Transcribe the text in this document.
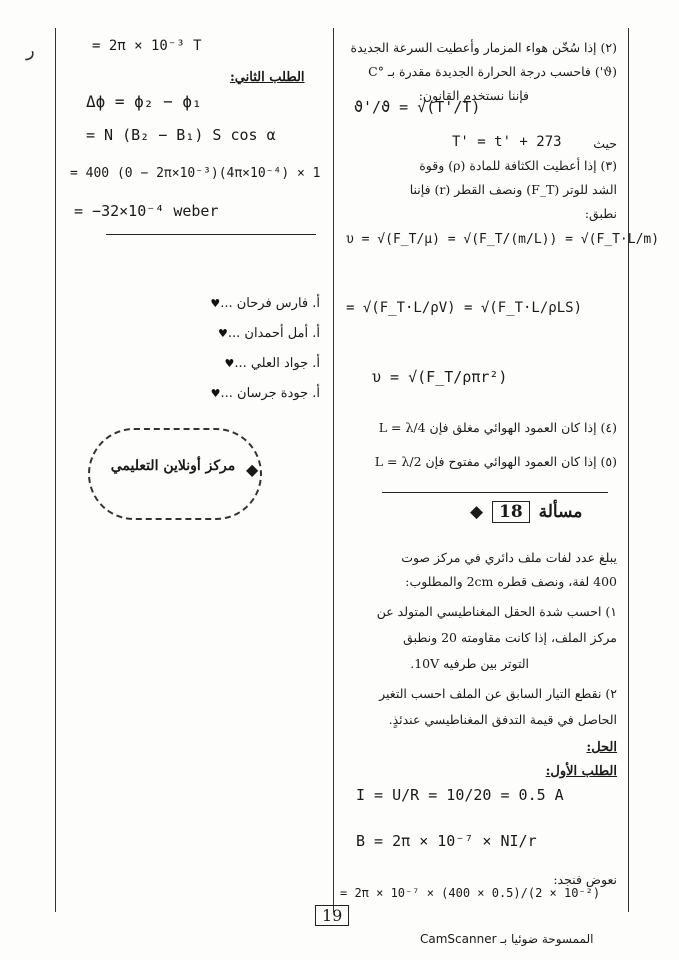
ر	= 2π × 10⁻³ T
الطلب الثاني:
Δϕ = ϕ₂ − ϕ₁
= N (B₂ − B₁) S cos α
= 400 (0 − 2π×10⁻³)(4π×10⁻⁴) × 1
= −32×10⁻⁴ weber
أ. فارس فرحان ...♥
أ. أمل أحمدان ...♥
أ. جواد العلي ...♥
أ. جودة جرسان ...♥
مركز أونلاين التعليمي ◆
(٢) إذا سُخّن هواء المزمار وأعطيت السرعة الجديدة
(ϑ') فاحسب درجة الحرارة الجديدة مقدرة بـ °C
فإننا نستخدم القانون:
ϑ'/ϑ = √(T'/T)
حيث
T' = t' + 273
(٣) إذا أعطيت الكثافة للمادة (ρ) وقوة
الشد للوتر (F_T) ونصف القطر (r) فإننا
نطبق:
υ = √(F_T/μ) = √(F_T/(m/L)) = √(F_T·L/m)
= √(F_T·L/ρV) = √(F_T·L/ρLS)
υ = √(F_T/ρπr²)
(٤) إذا كان العمود الهوائي مغلق فإن L = λ/4
(٥) إذا كان العمود الهوائي مفتوح فإن L = λ/2
مسألة 18 ◆
يبلغ عدد لفات ملف دائري في مركز صوت
400 لفة، ونصف قطره 2cm والمطلوب:
١) احسب شدة الحقل المغناطيسي المتولد عن
مركز الملف، إذا كانت مقاومته 20 ونطبق
التوتر بين طرفيه 10V.
٢) نقطع التيار السابق عن الملف احسب التغير
الحاصل في قيمة التدفق المغناطيسي عندئذٍ.
الحل:
الطلب الأول:
I = U/R = 10/20 = 0.5 A
B = 2π × 10⁻⁷ × NI/r
نعوض فنجد:
= 2π × 10⁻⁷ × (400 × 0.5)/(2 × 10⁻²)
19
الممسوحة ضوئيا بـ CamScanner
